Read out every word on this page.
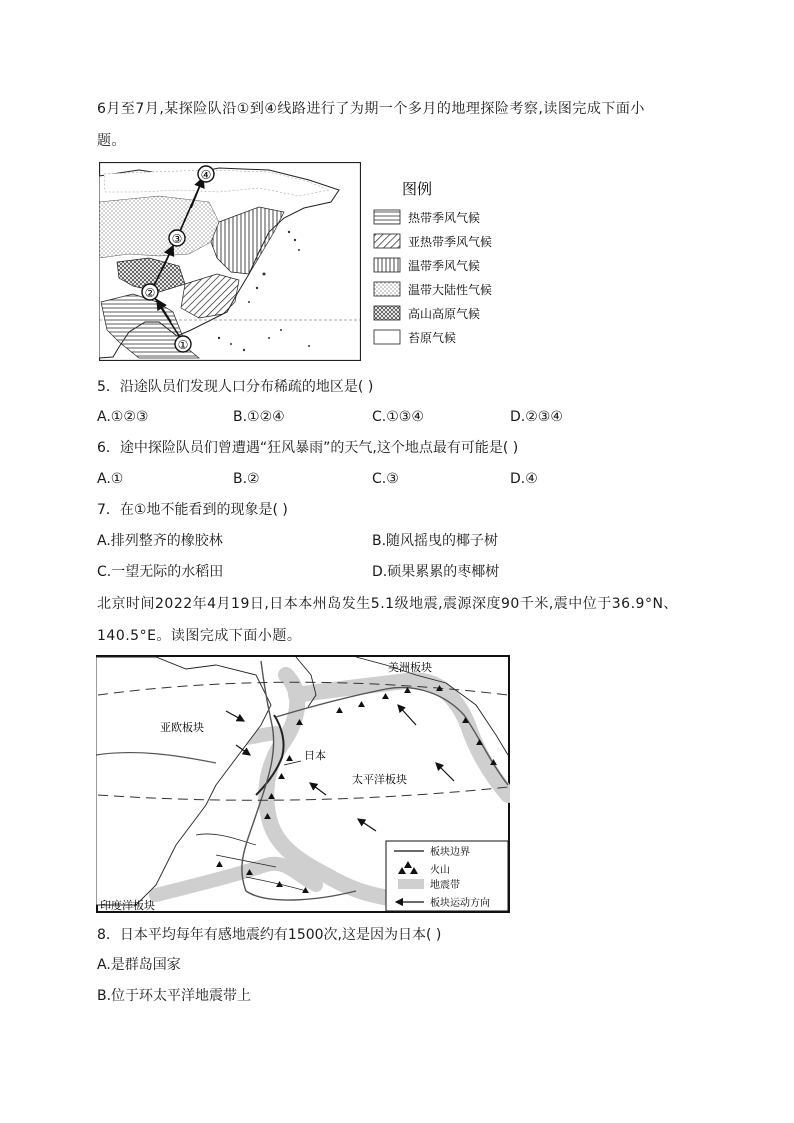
6月至7月,某探险队沿①到④线路进行了为期一个多月的地理探险考察,读图完成下面小
题。
①
②
③
④
图例
热带季风气候
亚热带季风气候
温带季风气候
温带大陆性气候
高山高原气候
苔原气候
5．沿途队员们发现人口分布稀疏的地区是( )
A.①②③	B.①②④	C.①③④	D.②③④
6．途中探险队员们曾遭遇“狂风暴雨”的天气,这个地点最有可能是( )
A.①	B.②	C.③	D.④
7．在①地不能看到的现象是( )
A.排列整齐的橡胶林	B.随风摇曳的椰子树
C.一望无际的水稻田	D.硕果累累的枣椰树
北京时间2022年4月19日,日本本州岛发生5.1级地震,震源深度90千米,震中位于36.9°N、
140.5°E。读图完成下面小题。
美洲板块
亚欧板块
日本
太平洋板块
印度洋板块
板块边界
火山
地震带
板块运动方向
8．日本平均每年有感地震约有1500次,这是因为日本( )
A.是群岛国家
B.位于环太平洋地震带上
